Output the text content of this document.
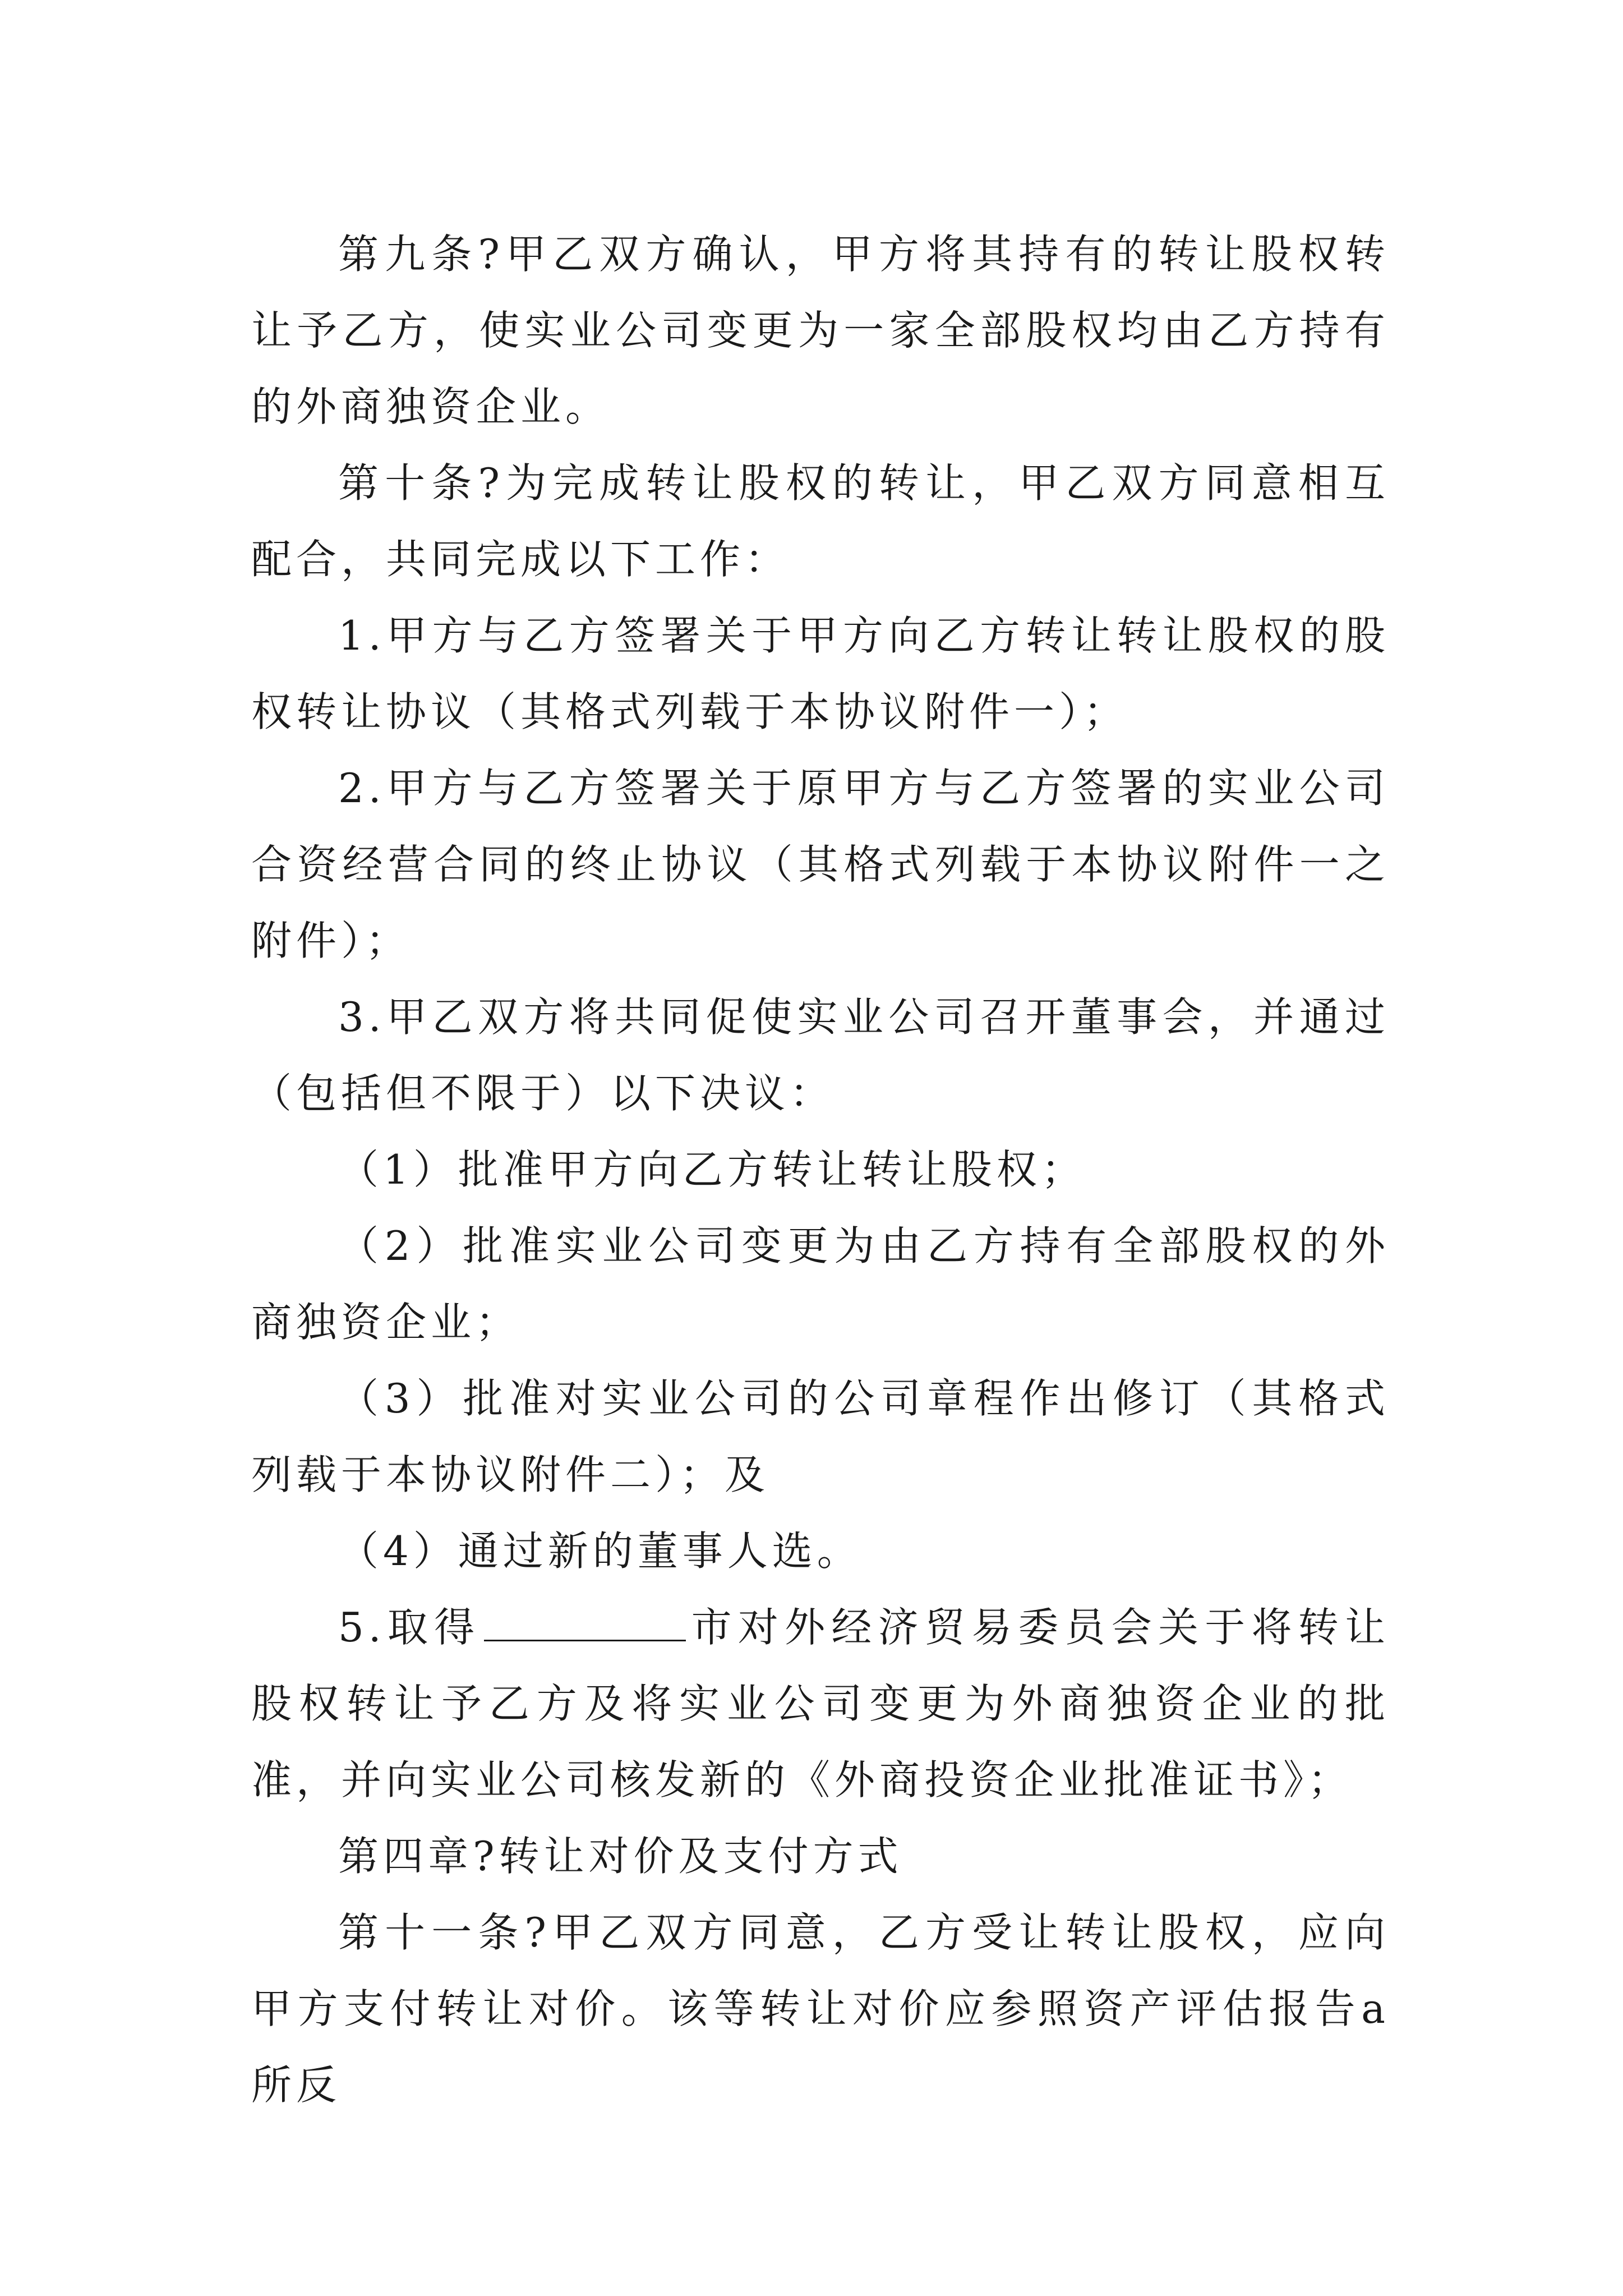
第九条?甲乙双方确认，甲方将其持有的转让股权转让予乙方，使实业公司变更为一家全部股权均由乙方持有的外商独资企业。

第十条?为完成转让股权的转让，甲乙双方同意相互配合，共同完成以下工作：

1.甲方与乙方签署关于甲方向乙方转让转让股权的股权转让协议（其格式列载于本协议附件一）；

2.甲方与乙方签署关于原甲方与乙方签署的实业公司合资经营合同的终止协议（其格式列载于本协议附件一之附件）；

3.甲乙双方将共同促使实业公司召开董事会，并通过（包括但不限于）以下决议：

（1）批准甲方向乙方转让转让股权；

（2）批准实业公司变更为由乙方持有全部股权的外商独资企业；

（3）批准对实业公司的公司章程作出修订（其格式列载于本协议附件二）；及

（4）通过新的董事人选。

5.取得	市对外经济贸易委员会关于将转让股权转让予乙方及将实业公司变更为外商独资企业的批准，并向实业公司核发新的《外商投资企业批准证书》；

第四章?转让对价及支付方式

第十一条?甲乙双方同意，乙方受让转让股权，应向甲方支付转让对价。该等转让对价应参照资产评估报告a所反
